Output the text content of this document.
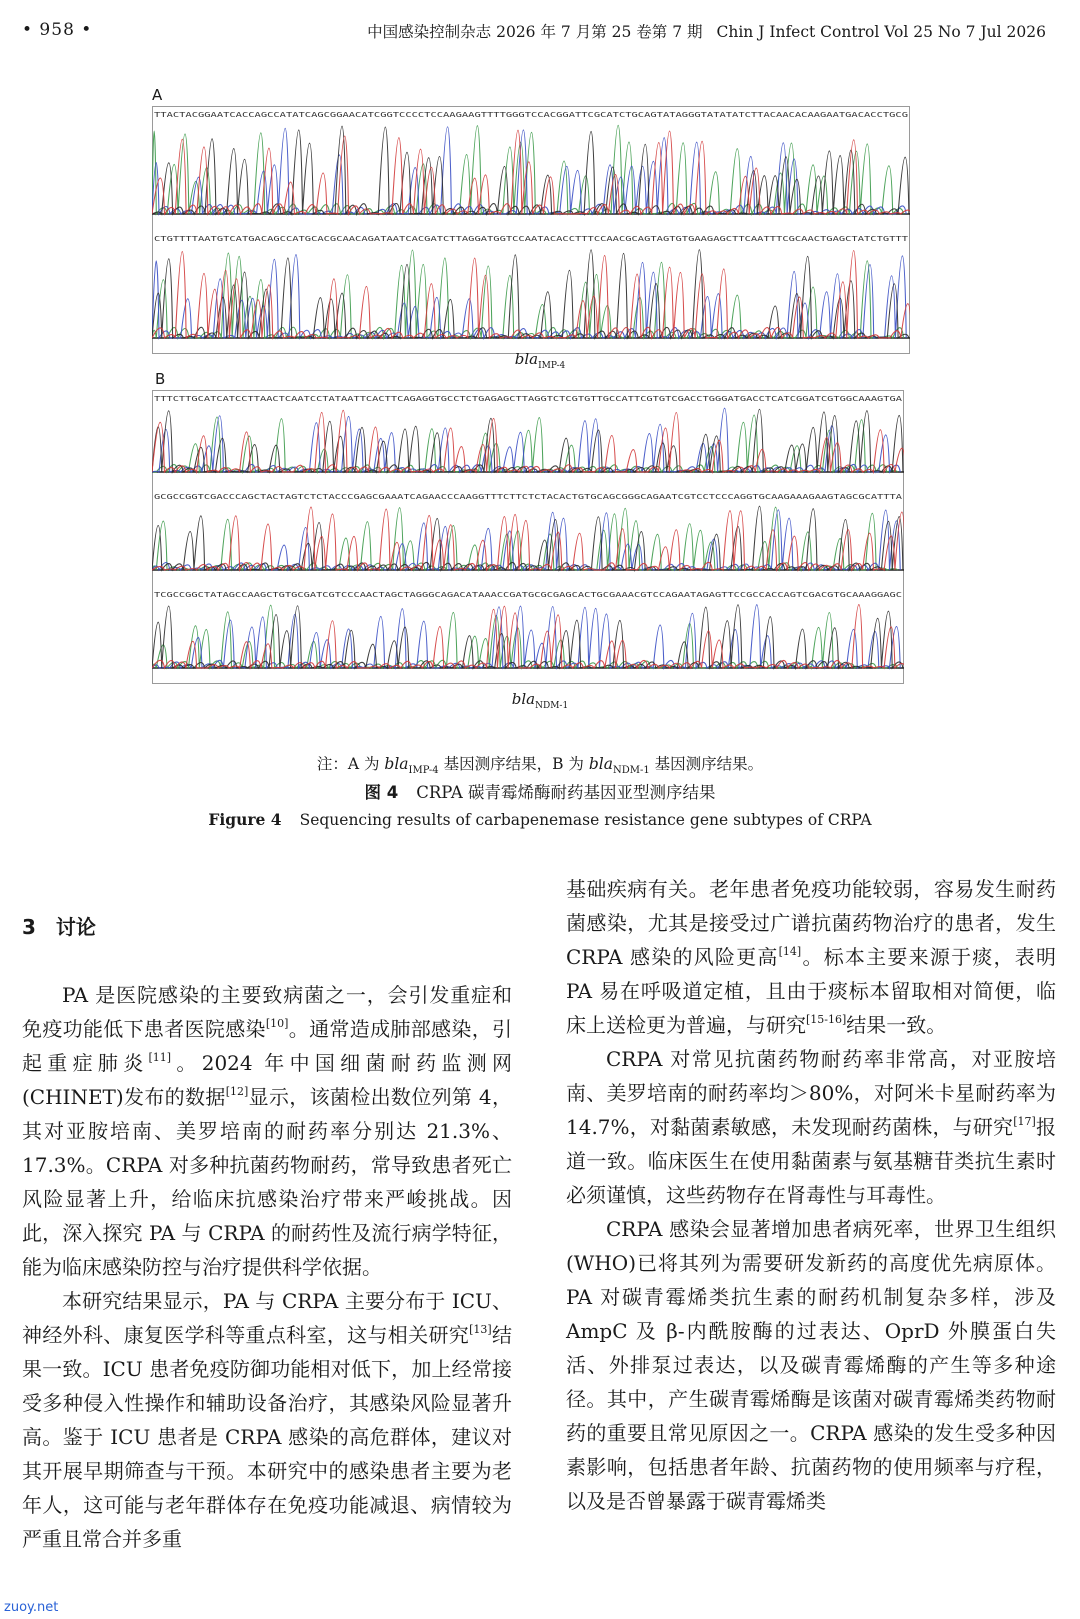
• 958 •	中国感染控制杂志 2026 年 7 月第 25 卷第 7 期 Chin J Infect Control Vol 25 No 7 Jul 2026
A
TTACTACGGAATCACCAGCCATATCAGCGGAACATCGGTCCCCTCCAAGAAGTTTTGGGTCCACGGATTCGCATCTGCAGTATAGGGTATATATCTTACAACACAAGAATGACACCTGCG
CTGTTTTAATGTCATGACAGCCATGCACGCAACAGATAATCACGATCTTAGGATGGTCCAATACACCTTTCCAACGCAGTAGTGTGAAGAGCTTCAATTTCGCAACTGAGCTATCTGTTT
bla$_{IMP-4}$
B
TTTCTTGCATCATCCTTAACTCAATCCTATAATTCACTTCAGAGGTGCCTCTGAGAGCTTAGGTCTCGTGTTGCCATTCGTGTCGACCTGGGATGACCTCATCGGATCGTGGCAAAGTGA
GCGCCGGTCGACCCAGCTACTAGTCTCTACCCGAGCGAAATCAGAACCCAAGGTTTCTTCTCTACACTGTGCAGCGGGCAGAATCGTCCTCCCAGGTGCAAGAAAGAAGTAGCGCATTTA
TCGCCGGCTATAGCCAAGCTGTGCGATCGTCCCAACTAGCTAGGGCAGACATAAACCGATGCGCGAGCACTGCGAAACGTCCAGAATAGAGTTCCGCCACCAGTCGACGTGCAAAGGAGC
bla$_{NDM-1}$
注：A 为 bla$_{IMP-4}$ 基因测序结果，B 为 bla$_{NDM-1}$ 基因测序结果。
图 4 CRPA 碳青霉烯酶耐药基因亚型测序结果
Figure 4 Sequencing results of carbapenemase resistance gene subtypes of CRPA

3　讨论

PA 是医院感染的主要致病菌之一，会引发重症和免疫功能低下患者医院感染[10]。通常造成肺部感染，引起重症肺炎[11]。2024 年中国细菌耐药监测网(CHINET)发布的数据[12]显示，该菌检出数位列第 4，其对亚胺培南、美罗培南的耐药率分别达 21.3%、17.3%。CRPA 对多种抗菌药物耐药，常导致患者死亡风险显著上升，给临床抗感染治疗带来严峻挑战。因此，深入探究 PA 与 CRPA 的耐药性及流行病学特征，能为临床感染防控与治疗提供科学依据。

本研究结果显示，PA 与 CRPA 主要分布于 ICU、神经外科、康复医学科等重点科室，这与相关研究[13]结果一致。ICU 患者免疫防御功能相对低下，加上经常接受多种侵入性操作和辅助设备治疗，其感染风险显著升高。鉴于 ICU 患者是 CRPA 感染的高危群体，建议对其开展早期筛查与干预。本研究中的感染患者主要为老年人，这可能与老年群体存在免疫功能减退、病情较为严重且常合并多重

基础疾病有关。老年患者免疫功能较弱，容易发生耐药菌感染，尤其是接受过广谱抗菌药物治疗的患者，发生 CRPA 感染的风险更高[14]。标本主要来源于痰，表明 PA 易在呼吸道定植，且由于痰标本留取相对简便，临床上送检更为普遍，与研究[15-16]结果一致。

CRPA 对常见抗菌药物耐药率非常高，对亚胺培南、美罗培南的耐药率均＞80%，对阿米卡星耐药率为 14.7%，对黏菌素敏感，未发现耐药菌株，与研究[17]报道一致。临床医生在使用黏菌素与氨基糖苷类抗生素时必须谨慎，这些药物存在肾毒性与耳毒性。

CRPA 感染会显著增加患者病死率，世界卫生组织(WHO)已将其列为需要研发新药的高度优先病原体。PA 对碳青霉烯类抗生素的耐药机制复杂多样，涉及 AmpC 及 β-内酰胺酶的过表达、OprD 外膜蛋白失活、外排泵过表达，以及碳青霉烯酶的产生等多种途径。其中，产生碳青霉烯酶是该菌对碳青霉烯类药物耐药的重要且常见原因之一。CRPA 感染的发生受多种因素影响，包括患者年龄、抗菌药物的使用频率与疗程，以及是否曾暴露于碳青霉烯类

zuoy.net
